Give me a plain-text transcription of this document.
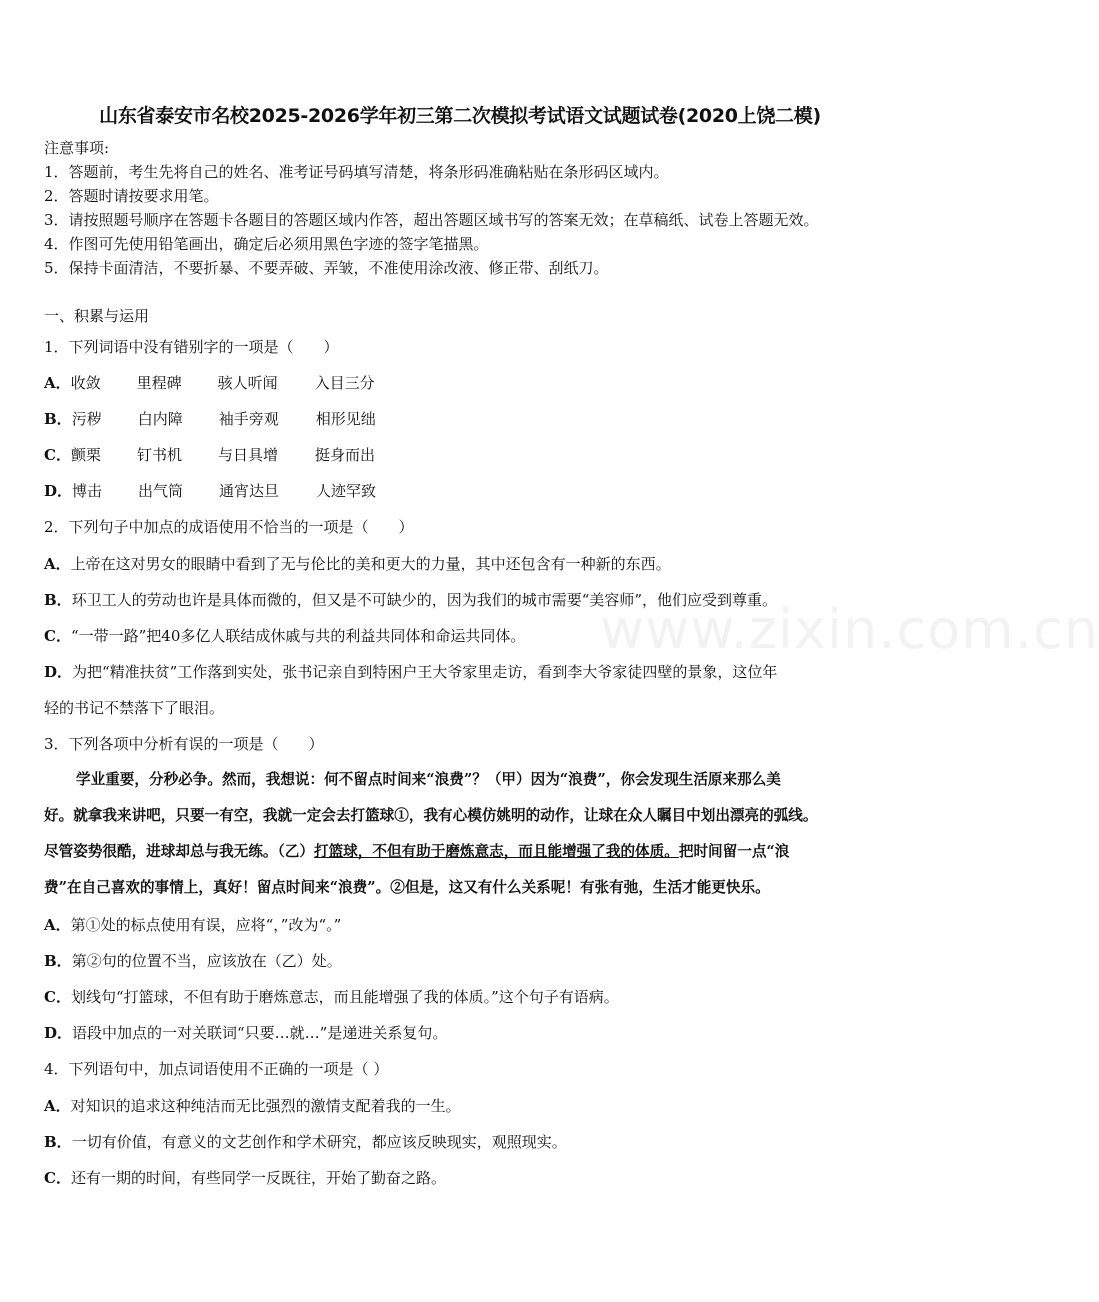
www.zixin.com.cn
山东省泰安市名校2025-2026学年初三第二次模拟考试语文试题试卷(2020上饶二模)
注意事项:
1．答题前，考生先将自己的姓名、准考证号码填写清楚，将条形码准确粘贴在条形码区域内。
2．答题时请按要求用笔。
3．请按照题号顺序在答题卡各题目的答题区域内作答，超出答题区域书写的答案无效；在草稿纸、试卷上答题无效。
4．作图可先使用铅笔画出，确定后必须用黑色字迹的签字笔描黑。
5．保持卡面清洁，不要折暴、不要弄破、弄皱，不准使用涂改液、修正带、刮纸刀。
一、积累与运用
1．下列词语中没有错别字的一项是（　　）
A．收敛 里程碑 骇人听闻 入目三分
B．污秽 白内障 袖手旁观 相形见绌
C．颤栗 钉书机 与日具增 挺身而出
D．博击 出气筒 通宵达旦 人迹罕致
2．下列句子中加点的成语使用不恰当的一项是（　　）
A．上帝在这对男女的眼睛中看到了无与伦比的美和更大的力量，其中还包含有一种新的东西。
B．环卫工人的劳动也许是具体而微的，但又是不可缺少的，因为我们的城市需要“美容师”，他们应受到尊重。
C．“一带一路”把40多亿人联结成休戚与共的利益共同体和命运共同体。
D．为把“精准扶贫”工作落到实处，张书记亲自到特困户王大爷家里走访，看到李大爷家徒四壁的景象，这位年
轻的书记不禁落下了眼泪。
3．下列各项中分析有误的一项是（　　）
学业重要，分秒必争。然而，我想说：何不留点时间来“浪费”？（甲）因为“浪费”，你会发现生活原来那么美
好。就拿我来讲吧，只要一有空，我就一定会去打篮球①，我有心模仿姚明的动作，让球在众人瞩目中划出漂亮的弧线。
尽管姿势很酷，进球却总与我无练。（乙）打篮球，不但有助于磨炼意志，而且能增强了我的体质。把时间留一点“浪
费”在自己喜欢的事情上，真好！留点时间来“浪费”。②但是，这又有什么关系呢！有张有弛，生活才能更快乐。
A．第①处的标点使用有误，应将“，”改为“。”
B．第②句的位置不当，应该放在（乙）处。
C．划线句“打篮球，不但有助于磨炼意志，而且能增强了我的体质。”这个句子有语病。
D．语段中加点的一对关联词“只要…就…”是递进关系复句。
4．下列语句中，加点词语使用不正确的一项是（ ）
A．对知识的追求这种纯洁而无比强烈的激情支配着我的一生。
B．一切有价值，有意义的文艺创作和学术研究，都应该反映现实，观照现实。
C．还有一期的时间，有些同学一反既往，开始了勤奋之路。
